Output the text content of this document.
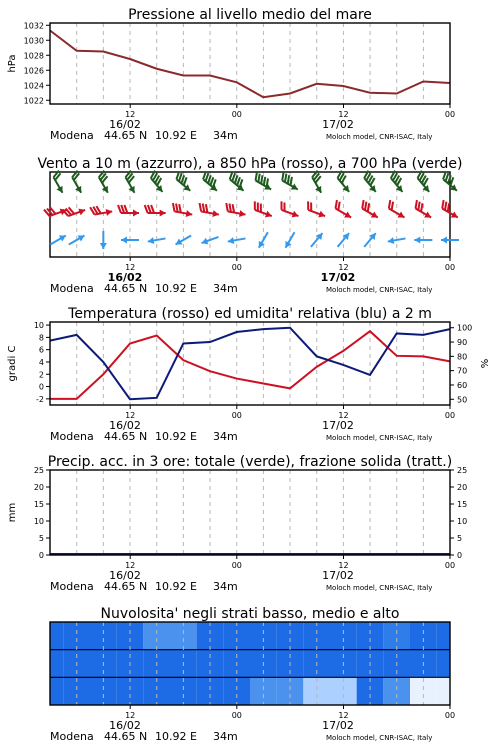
Pressione al livello medio del mare
1022
1024
1026
1028
1030
1032
hPa
12	00	12	00
16/02	17/02
Modena 44.65 N 10.92 E 34m	Moloch model, CNR-ISAC, Italy
Vento a 10 m (azzurro), a 850 hPa (rosso), a 700 hPa (verde)
12	00	12	00
16/02	17/02
Modena 44.65 N 10.92 E 34m	Moloch model, CNR-ISAC, Italy
Temperatura (rosso) ed umidita' relativa (blu) a 2 m
-2
0
2
4
6
8
10
50
60
70
80
90
100
gradi C	%
12	00	12	00
16/02	17/02
Modena 44.65 N 10.92 E 34m	Moloch model, CNR-ISAC, Italy
Precip. acc. in 3 ore: totale (verde), frazione solida (tratt.)
0
5
10
15
20
25
0
5
10
15
20
25
mm
12	00	12	00
16/02	17/02
Modena 44.65 N 10.92 E 34m	Moloch model, CNR-ISAC, Italy
Nuvolosita' negli strati basso, medio e alto
12	00	12	00
16/02	17/02
Modena 44.65 N 10.92 E 34m	Moloch model, CNR-ISAC, Italy
